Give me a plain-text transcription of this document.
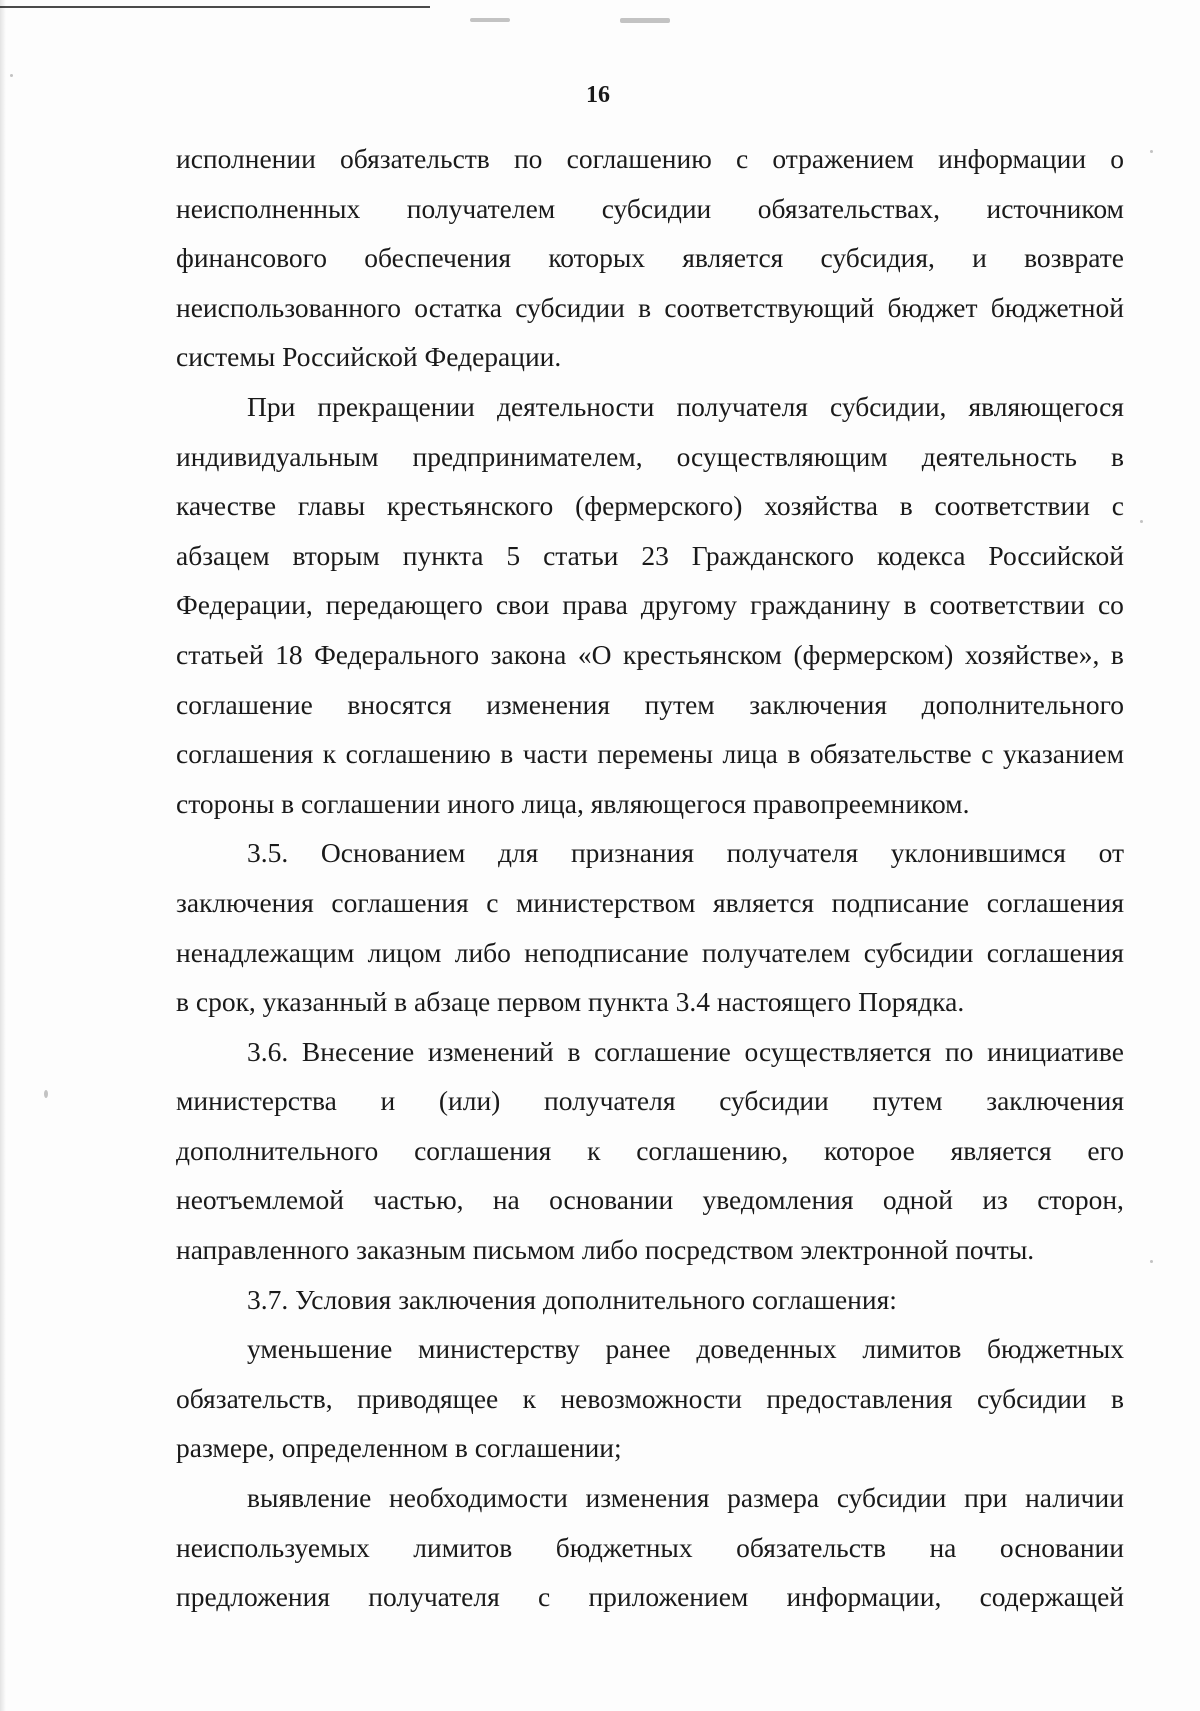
16
исполнении обязательств по соглашению с отражением информации о
неисполненных получателем субсидии обязательствах, источником
финансового обеспечения которых является субсидия, и возврате
неиспользованного остатка субсидии в соответствующий бюджет бюджетной
системы Российской Федерации.
При прекращении деятельности получателя субсидии, являющегося
индивидуальным предпринимателем, осуществляющим деятельность в
качестве главы крестьянского (фермерского) хозяйства в соответствии с
абзацем вторым пункта 5 статьи 23 Гражданского кодекса Российской
Федерации, передающего свои права другому гражданину в соответствии со
статьей 18 Федерального закона «О крестьянском (фермерском) хозяйстве», в
соглашение вносятся изменения путем заключения дополнительного
соглашения к соглашению в части перемены лица в обязательстве с указанием
стороны в соглашении иного лица, являющегося правопреемником.
3.5. Основанием для признания получателя уклонившимся от
заключения соглашения с министерством является подписание соглашения
ненадлежащим лицом либо неподписание получателем субсидии соглашения
в срок, указанный в абзаце первом пункта 3.4 настоящего Порядка.
3.6. Внесение изменений в соглашение осуществляется по инициативе
министерства и (или) получателя субсидии путем заключения
дополнительного соглашения к соглашению, которое является его
неотъемлемой частью, на основании уведомления одной из сторон,
направленного заказным письмом либо посредством электронной почты.
3.7. Условия заключения дополнительного соглашения:
уменьшение министерству ранее доведенных лимитов бюджетных
обязательств, приводящее к невозможности предоставления субсидии в
размере, определенном в соглашении;
выявление необходимости изменения размера субсидии при наличии
неиспользуемых лимитов бюджетных обязательств на основании
предложения получателя с приложением информации, содержащей
